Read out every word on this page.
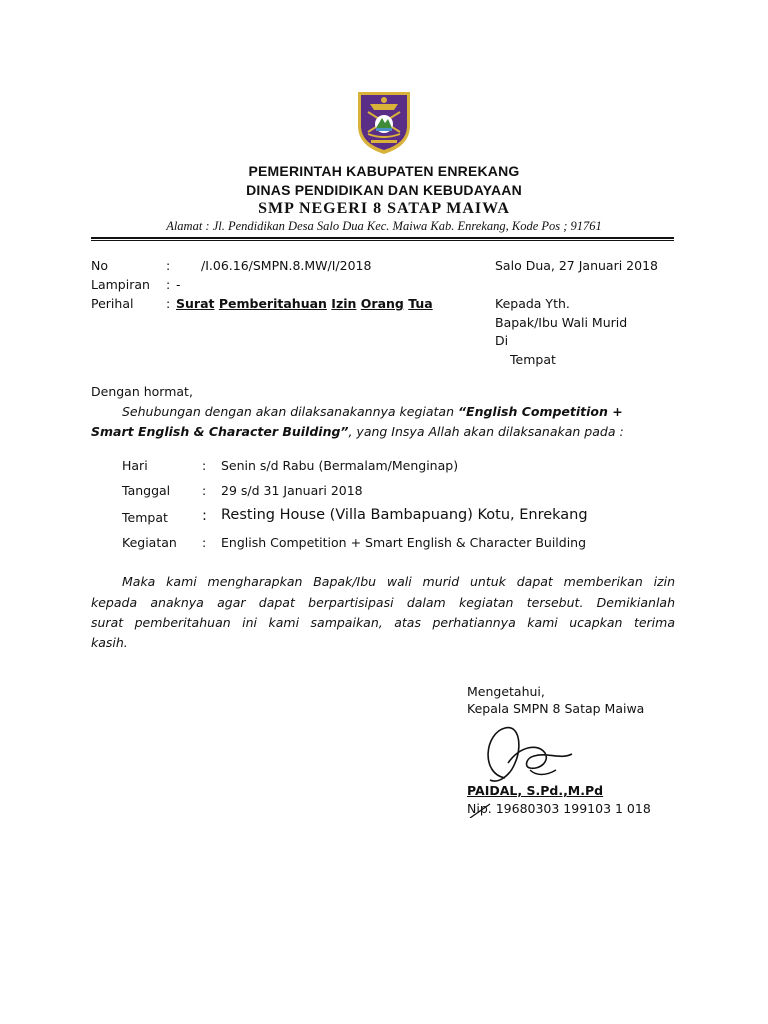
PEMERINTAH KABUPATEN ENREKANG
DINAS PENDIDIKAN DAN KEBUDAYAAN
SMP NEGERI 8 SATAP MAIWA
Alamat : Jl. Pendidikan Desa Salo Dua Kec. Maiwa Kab. Enrekang, Kode Pos ; 91761
No	: /I.06.16/SMPN.8.MW/I/2018
Lampiran : -
Perihal	: Surat Pemberitahuan Izin Orang Tua
Salo Dua, 27 Januari 2018
Kepada Yth.
Bapak/Ibu Wali Murid
Di
Tempat
Dengan hormat,
Sehubungan dengan akan dilaksanakannya kegiatan “English Competition +
Smart English & Character Building”, yang Insya Allah akan dilaksanakan pada :
Hari	: Senin s/d Rabu (Bermalam/Menginap)
Tanggal	: 29 s/d 31 Januari 2018
Tempat : Resting House (Villa Bambapuang) Kotu, Enrekang
Kegiatan : English Competition + Smart English & Character Building
Maka kami mengharapkan Bapak/Ibu wali murid untuk dapat memberikan izin
kepada anaknya agar dapat berpartisipasi dalam kegiatan tersebut. Demikianlah
surat pemberitahuan ini kami sampaikan, atas perhatiannya kami ucapkan terima
kasih.
Mengetahui,
Kepala SMPN 8 Satap Maiwa
PAIDAL, S.Pd.,M.Pd
Nip. 19680303 199103 1 018
